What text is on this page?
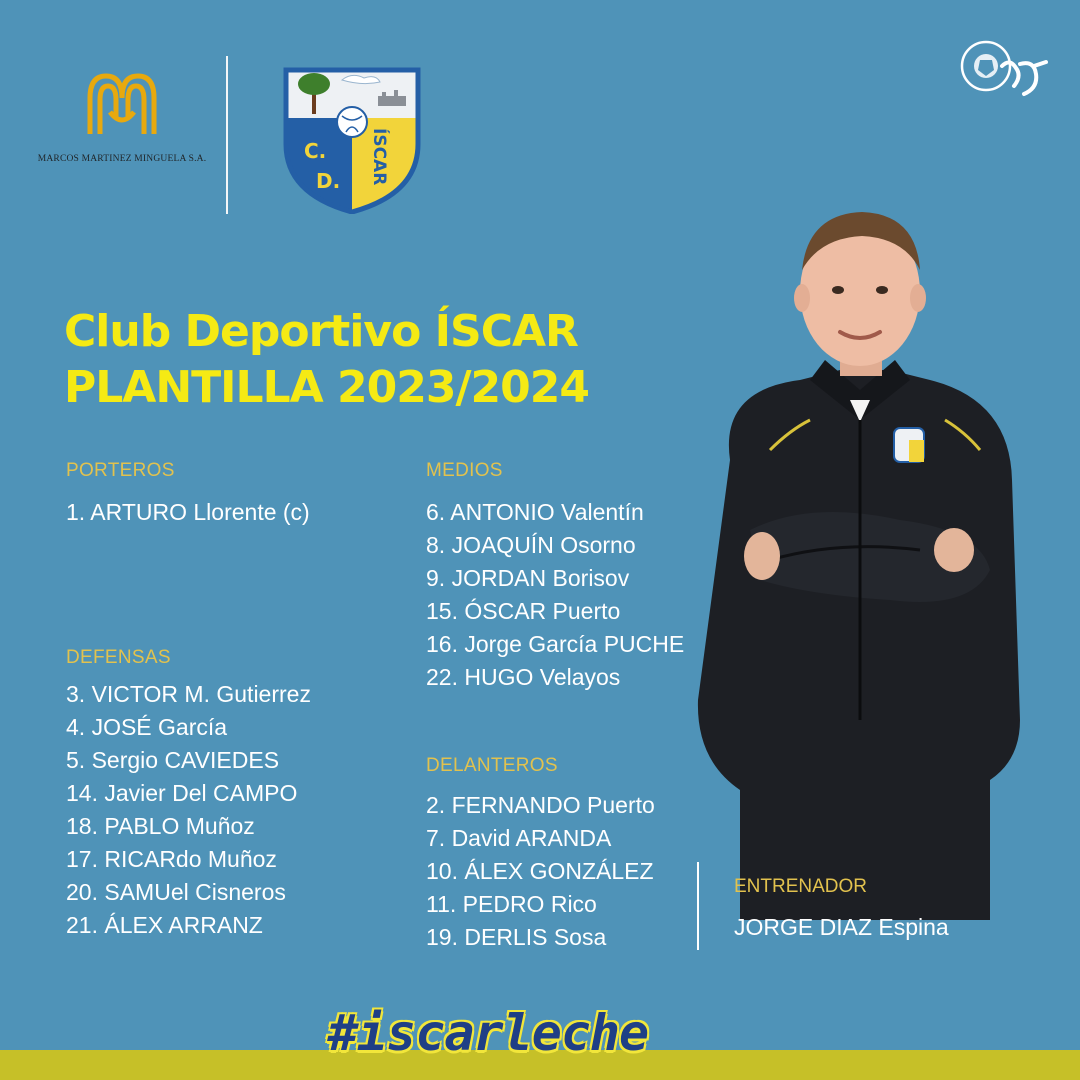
MARCOS MARTINEZ MINGUELA S.A.	C.
D. ÍSCAR
Club Deportivo ÍSCAR
PLANTILLA 2023/2024
PORTEROS
1. ARTURO Llorente (c)
DEFENSAS
3. VICTOR M. Gutierrez
4. JOSÉ García
5. Sergio CAVIEDES
14. Javier Del CAMPO
18. PABLO Muñoz
17. RICARdo Muñoz
20. SAMUel Cisneros
21. ÁLEX ARRANZ
MEDIOS
6. ANTONIO Valentín
8. JOAQUÍN Osorno
9. JORDAN Borisov
15. ÓSCAR Puerto
16. Jorge García PUCHE
22. HUGO Velayos
DELANTEROS
2. FERNANDO Puerto
7. David ARANDA
10. ÁLEX GONZÁLEZ
11. PEDRO Rico
19. DERLIS Sosa
ENTRENADOR
JORGE DIAZ Espina
#iscarleche
